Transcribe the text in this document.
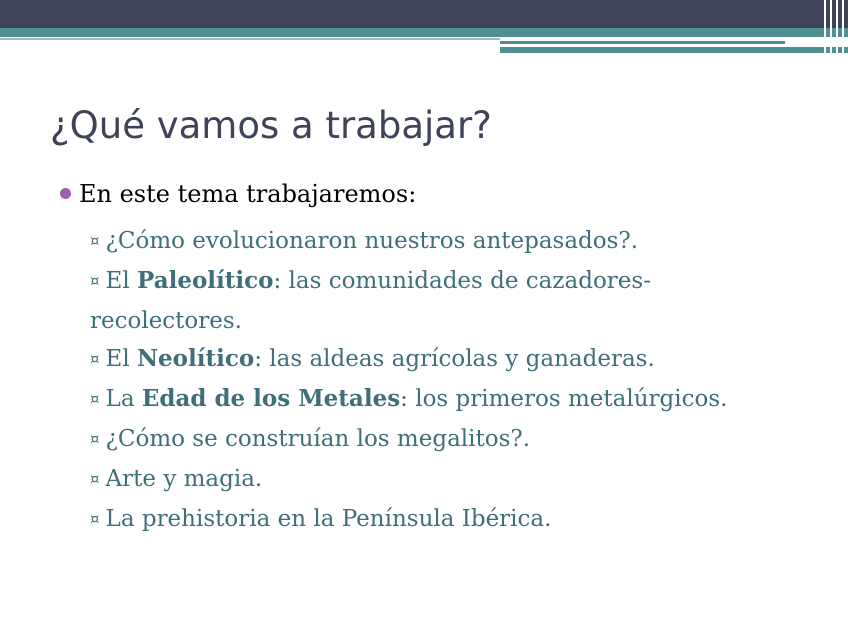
¿Qué vamos a trabajar?
En este tema trabajaremos:
¤ ¿Cómo evolucionaron nuestros antepasados?.
¤ El Paleolítico: las comunidades de cazadores-recolectores.
¤ El Neolítico: las aldeas agrícolas y ganaderas.
¤ La Edad de los Metales: los primeros metalúrgicos.
¤ ¿Cómo se construían los megalitos?.
¤ Arte y magia.
¤ La prehistoria en la Península Ibérica.
